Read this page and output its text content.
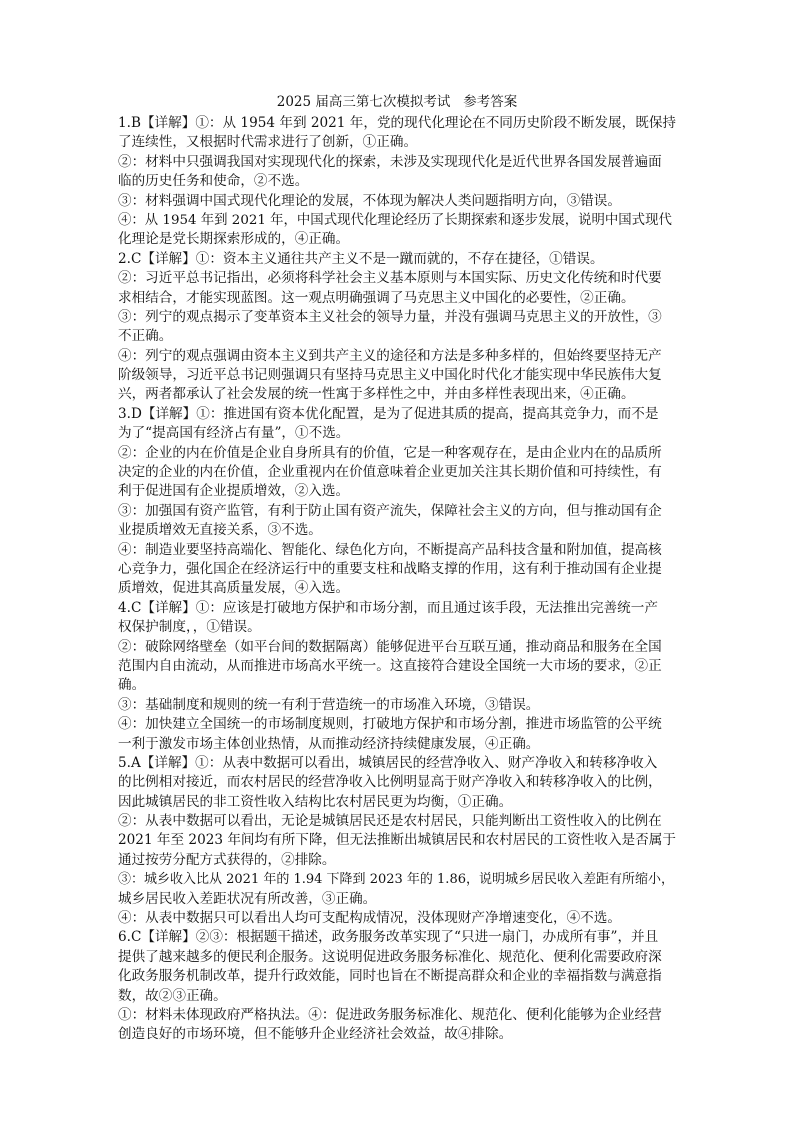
2025 届高三第七次模拟考试   参考答案
1.B【详解】①：从 1954 年到 2021 年，党的现代化理论在不同历史阶段不断发展，既保持
了连续性，又根据时代需求进行了创新，①正确。
②：材料中只强调我国对实现现代化的探索，未涉及实现现代化是近代世界各国发展普遍面
临的历史任务和使命，②不选。
③：材料强调中国式现代化理论的发展，不体现为解决人类问题指明方向，③错误。
④：从 1954 年到 2021 年，中国式现代化理论经历了长期探索和逐步发展，说明中国式现代
化理论是党长期探索形成的，④正确。
2.C【详解】①：资本主义通往共产主义不是一蹴而就的，不存在捷径，①错误。
②：习近平总书记指出，必须将科学社会主义基本原则与本国实际、历史文化传统和时代要
求相结合，才能实现蓝图。这一观点明确强调了马克思主义中国化的必要性，②正确。
③：列宁的观点揭示了变革资本主义社会的领导力量，并没有强调马克思主义的开放性，③
不正确。
④：列宁的观点强调由资本主义到共产主义的途径和方法是多种多样的，但始终要坚持无产
阶级领导，习近平总书记则强调只有坚持马克思主义中国化时代化才能实现中华民族伟大复
兴，两者都承认了社会发展的统一性寓于多样性之中，并由多样性表现出来，④正确。
3.D【详解】①：推进国有资本优化配置，是为了促进其质的提高，提高其竞争力，而不是
为了“提高国有经济占有量”，①不选。
②：企业的内在价值是企业自身所具有的价值，它是一种客观存在，是由企业内在的品质所
决定的企业的内在价值，企业重视内在价值意味着企业更加关注其长期价值和可持续性，有
利于促进国有企业提质增效，②入选。
③：加强国有资产监管，有利于防止国有资产流失，保障社会主义的方向，但与推动国有企
业提质增效无直接关系，③不选。
④：制造业要坚持高端化、智能化、绿色化方向，不断提高产品科技含量和附加值，提高核
心竞争力，强化国企在经济运行中的重要支柱和战略支撑的作用，这有利于推动国有企业提
质增效，促进其高质量发展，④入选。
4.C【详解】①：应该是打破地方保护和市场分割，而且通过该手段，无法推出完善统一产
权保护制度，，①错误。
②：破除网络壁垒（如平台间的数据隔离）能够促进平台互联互通，推动商品和服务在全国
范围内自由流动，从而推进市场高水平统一。这直接符合建设全国统一大市场的要求，②正
确。
③：基础制度和规则的统一有利于营造统一的市场准入环境，③错误。
④：加快建立全国统一的市场制度规则，打破地方保护和市场分割，推进市场监管的公平统
一利于激发市场主体创业热情，从而推动经济持续健康发展，④正确。
5.A【详解】①：从表中数据可以看出，城镇居民的经营净收入、财产净收入和转移净收入
的比例相对接近，而农村居民的经营净收入比例明显高于财产净收入和转移净收入的比例，
因此城镇居民的非工资性收入结构比农村居民更为均衡，①正确。
②：从表中数据可以看出，无论是城镇居民还是农村居民，只能判断出工资性收入的比例在
2021 年至 2023 年间均有所下降，但无法推断出城镇居民和农村居民的工资性收入是否属于
通过按劳分配方式获得的，②排除。
③：城乡收入比从 2021 年的 1.94 下降到 2023 年的 1.86，说明城乡居民收入差距有所缩小，
城乡居民收入差距状况有所改善，③正确。
④：从表中数据只可以看出人均可支配构成情况，没体现财产净增速变化，④不选。
6.C【详解】②③：根据题干描述，政务服务改革实现了“只进一扇门，办成所有事”，并且
提供了越来越多的便民利企服务。这说明促进政务服务标准化、规范化、便利化需要政府深
化政务服务机制改革，提升行政效能，同时也旨在不断提高群众和企业的幸福指数与满意指
数，故②③正确。
①：材料未体现政府严格执法。④：促进政务服务标准化、规范化、便利化能够为企业经营
创造良好的市场环境，但不能够升企业经济社会效益，故④排除。
